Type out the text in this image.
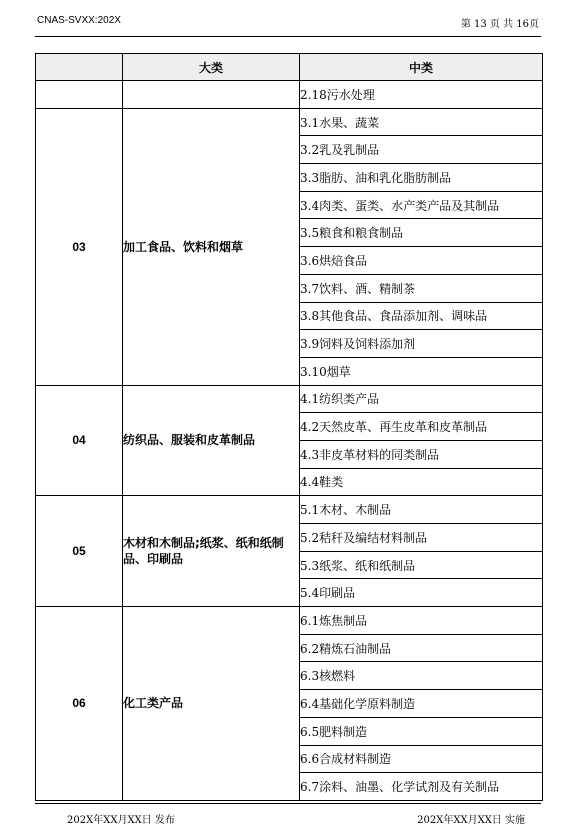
CNAS-SVXX:202X	第 13 页 共 16页
	大类	中类
		2.18污水处理
03	加工食品、饮料和烟草	3.1水果、蔬菜
		3.2乳及乳制品
		3.3脂肪、油和乳化脂肪制品
		3.4肉类、蛋类、水产类产品及其制品
		3.5粮食和粮食制品
		3.6烘焙食品
		3.7饮料、酒、精制茶
		3.8其他食品、食品添加剂、调味品
		3.9饲料及饲料添加剂
		3.10烟草
04	纺织品、服装和皮革制品	4.1纺织类产品
		4.2天然皮革、再生皮革和皮革制品
		4.3非皮革材料的同类制品
		4.4鞋类
05	木材和木制品;纸浆、纸和纸制品、印刷品	5.1木材、木制品
		5.2秸秆及编结材料制品
		5.3纸浆、纸和纸制品
		5.4印刷品
06	化工类产品	6.1炼焦制品
		6.2精炼石油制品
		6.3核燃料
		6.4基础化学原料制造
		6.5肥料制造
		6.6合成材料制造
		6.7涂料、油墨、化学试剂及有关制品
202X年XX月XX日 发布	202X年XX月XX日 实施
